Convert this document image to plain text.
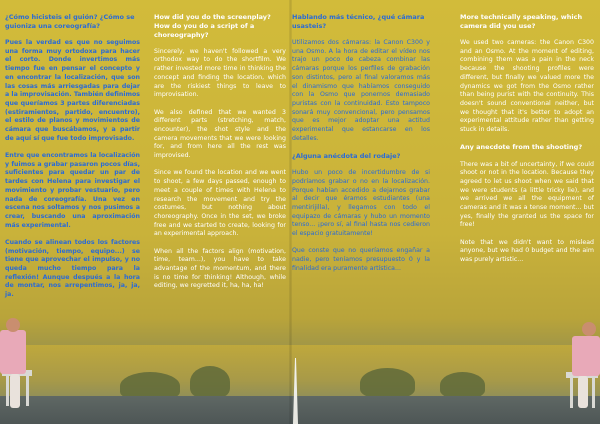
¿Cómo hicisteis el guión? ¿Cómo se guioniza una coreografía?

Pues la verdad es que no seguimos una forma muy ortodoxa para hacer el corto. Donde invertimos más tiempo fue en pensar el concepto y en encontrar la localización, que son las cosas más arriesgadas para dejar a la improvisación. También definimos que queríamos 3 partes diferenciadas (estiramientos, partido, encuentro), el estilo de planos y movimientos de cámara que buscábamos, y a partir de aquí sí que fue todo improvisado.

Entre que encontramos la localización y fuimos a grabar pasaron pocos días, suficientes para quedar un par de tardes con Helena para investigar el movimiento y probar vestuario, pero nada de coreografía. Una vez en escena nos soltamos y nos pusimos a crear, buscando una aproximación más experimental.

Cuando se alinean todos los factores (motivación, tiempo, equipo...) se tiene que aprovechar el impulso, y no queda mucho tiempo para la reflexión! Aunque después a la hora de montar, nos arrepentimos, ja, ja, ja.

How did you do the screenplay? How do you do a script of a choreography?

Sincerely, we haven't followed a very orthodox way to do the shortfilm. We rather invested more time in thinking the concept and finding the location, which are the riskiest things to leave to improvisation.

We also defined that we wanted 3 different parts (stretching, match, encounter), the shot style and the camera movements that we were looking for, and from here all the rest was improvised.

Since we found the location and we went to shoot, a few days passed, enough to meet a couple of times with Helena to research the movement and try the costumes, but nothing about choreography. Once in the set, we broke free and we started to create, looking for an experimental approach.

When all the factors align (motivation, time, team...), you have to take advantage of the momentum, and there is no time for thinking! Although, while editing, we regretted it, ha, ha, ha!

Hablando más técnico, ¿qué cámara usasteis?

Utilizamos dos cámaras: la Canon C300 y una Osmo. A la hora de editar el vídeo nos trajo un poco de cabeza combinar las cámaras porque los perfiles de grabación son distintos, pero al final valoramos más el dinamismo que habíamos conseguido con la Osmo que ponernos demasiado puristas con la continuidad. Esto tampoco sonará muy convencional, pero pensamos que es mejor adoptar una actitud experimental que estancarse en los detalles.

¿Alguna anécdota del rodaje?

Hubo un poco de incertidumbre de si podríamos grabar o no en la localización. Porque habían accedido a dejarnos grabar al decir que éramos estudiantes (una mentirijilla), y llegamos con todo el equipazo de cámaras y hubo un momento tenso... ¡pero sí, al final hasta nos cedieron el espacio gratuitamente!

Que conste que no queríamos engañar a nadie, pero teníamos presupuesto 0 y la finalidad era puramente artística...

More technically speaking, which camera did you use?

We used two cameras: the Canon C300 and an Osmo. At the moment of editing, combining them was a pain in the neck because the shooting profiles were different, but finally we valued more the dynamics we got from the Osmo rather than being purist with the continuity. This doesn't sound conventional neither, but we thought that it's better to adopt an experimental attitude rather than getting stuck in details.

Any anecdote from the shooting?

There was a bit of uncertainty, if we could shoot or not in the location. Because they agreed to let us shoot when we said that we were students (a little tricky lie), and we arrived we all the equipment of cameras and it was a tense moment... but yes, finally the granted us the space for free!

Note that we didn't want to mislead anyone, but we had 0 budget and the aim was purely artistic...
